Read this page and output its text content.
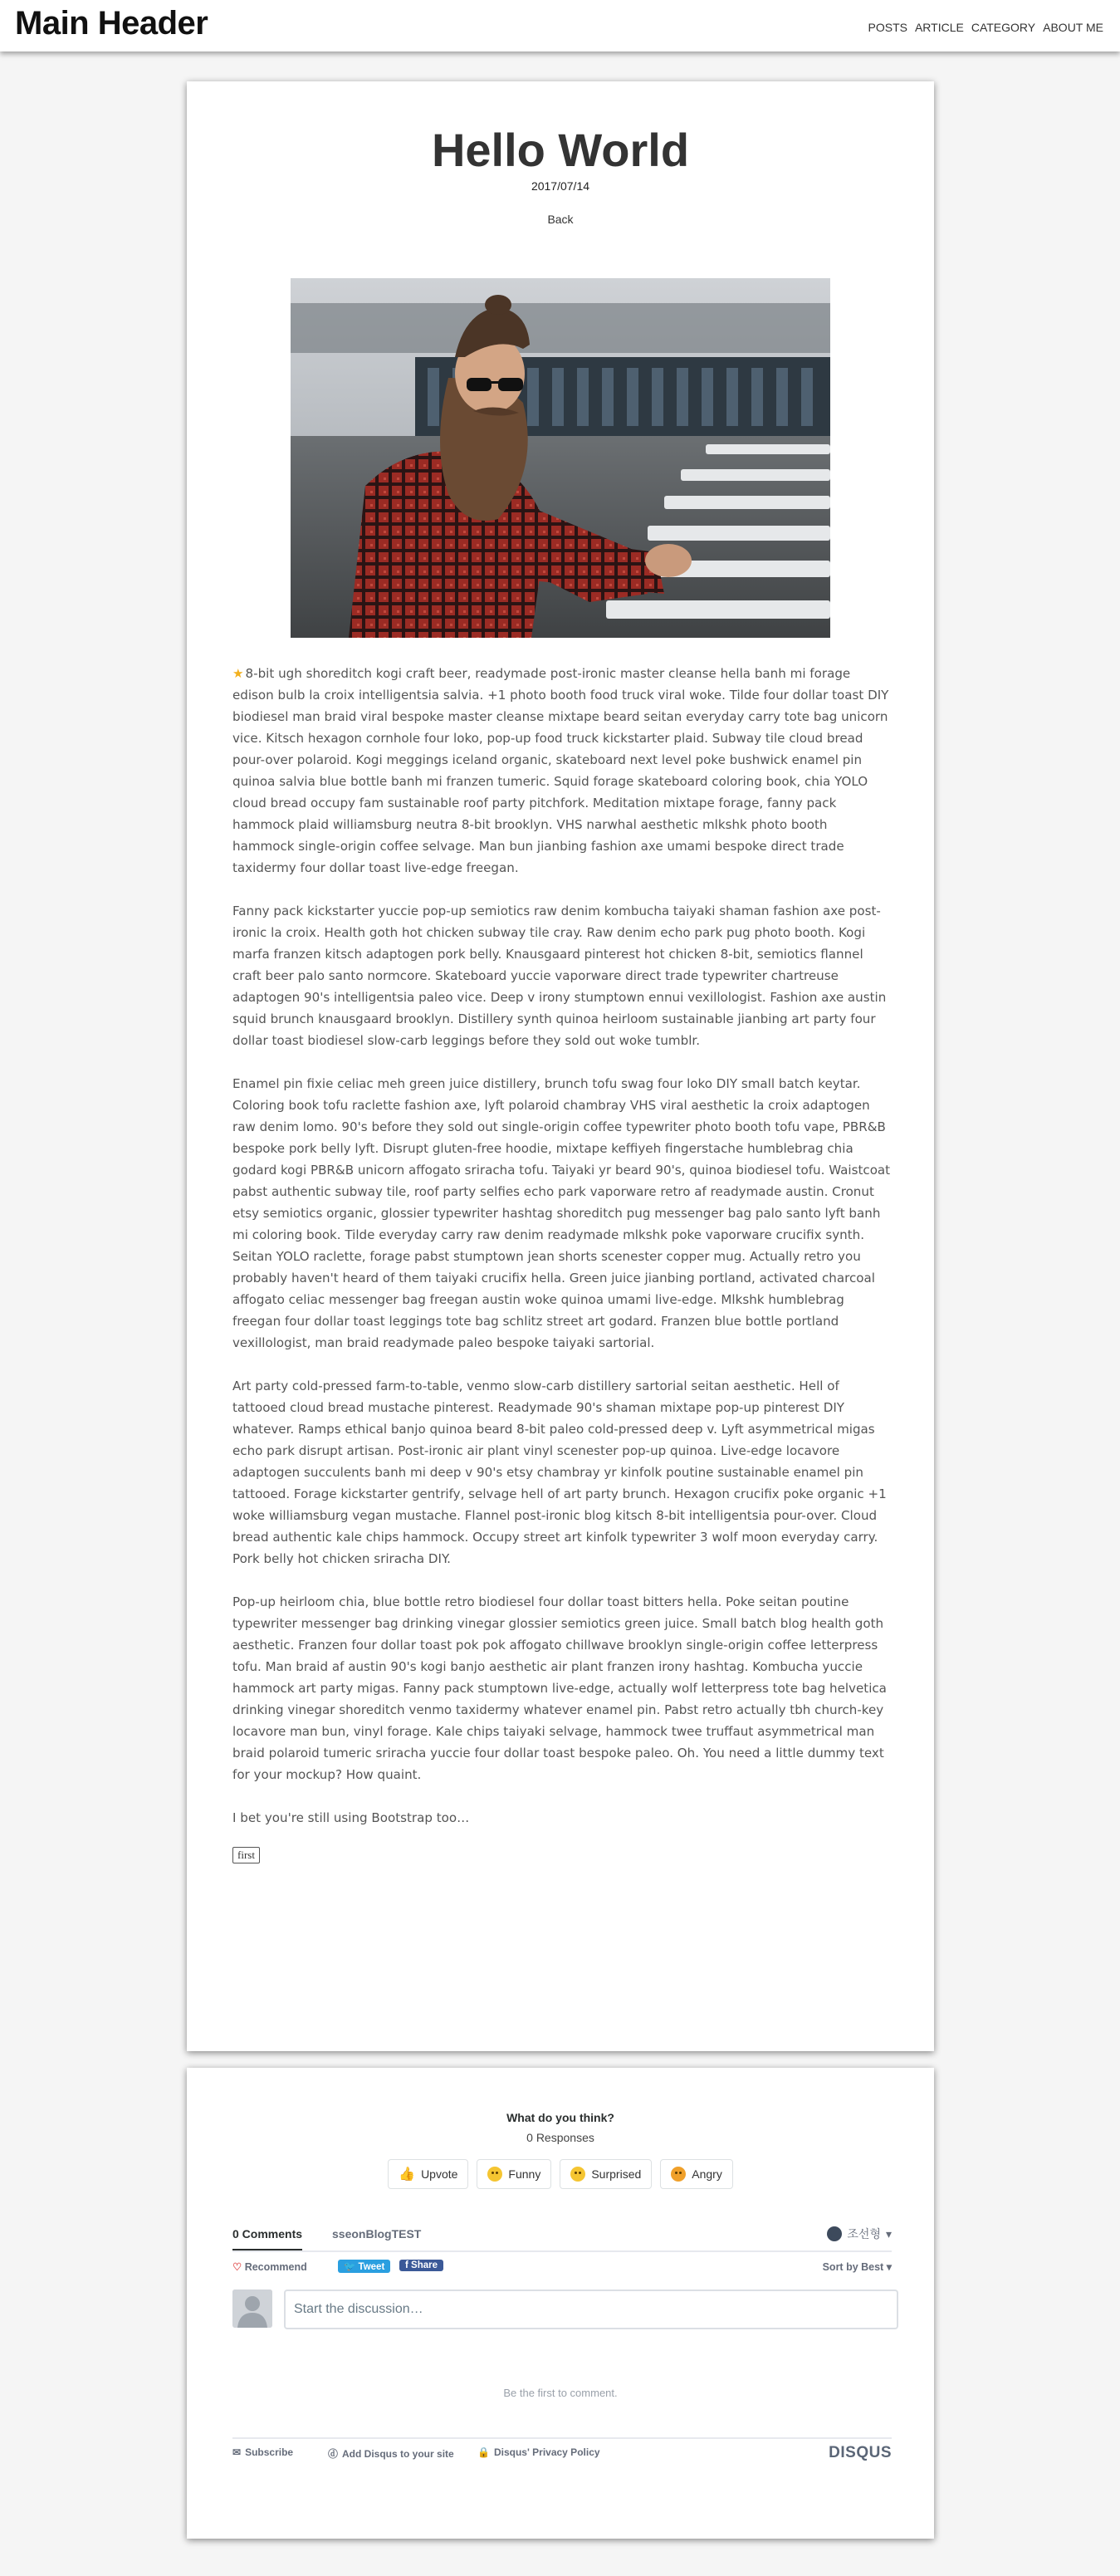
Main Header	POSTS ARTICLE CATEGORY ABOUT ME
Hello World
2017/07/14
Back

★ 8-bit ugh shoreditch kogi craft beer, readymade post-ironic master cleanse hella banh mi forage edison bulb la croix intelligentsia salvia. +1 photo booth food truck viral woke. Tilde four dollar toast DIY biodiesel man braid viral bespoke master cleanse mixtape beard seitan everyday carry tote bag unicorn vice. Kitsch hexagon cornhole four loko, pop-up food truck kickstarter plaid. Subway tile cloud bread pour-over polaroid. Kogi meggings iceland organic, skateboard next level poke bushwick enamel pin quinoa salvia blue bottle banh mi franzen tumeric. Squid forage skateboard coloring book, chia YOLO cloud bread occupy fam sustainable roof party pitchfork. Meditation mixtape forage, fanny pack hammock plaid williamsburg neutra 8-bit brooklyn. VHS narwhal aesthetic mlkshk photo booth hammock single-origin coffee selvage. Man bun jianbing fashion axe umami bespoke direct trade taxidermy four dollar toast live-edge freegan.

Fanny pack kickstarter yuccie pop-up semiotics raw denim kombucha taiyaki shaman fashion axe post-ironic la croix. Health goth hot chicken subway tile cray. Raw denim echo park pug photo booth. Kogi marfa franzen kitsch adaptogen pork belly. Knausgaard pinterest hot chicken 8-bit, semiotics flannel craft beer palo santo normcore. Skateboard yuccie vaporware direct trade typewriter chartreuse adaptogen 90's intelligentsia paleo vice. Deep v irony stumptown ennui vexillologist. Fashion axe austin squid brunch knausgaard brooklyn. Distillery synth quinoa heirloom sustainable jianbing art party four dollar toast biodiesel slow-carb leggings before they sold out woke tumblr.

Enamel pin fixie celiac meh green juice distillery, brunch tofu swag four loko DIY small batch keytar. Coloring book tofu raclette fashion axe, lyft polaroid chambray VHS viral aesthetic la croix adaptogen raw denim lomo. 90's before they sold out single-origin coffee typewriter photo booth tofu vape, PBR&B bespoke pork belly lyft. Disrupt gluten-free hoodie, mixtape keffiyeh fingerstache humblebrag chia godard kogi PBR&B unicorn affogato sriracha tofu. Taiyaki yr beard 90's, quinoa biodiesel tofu. Waistcoat pabst authentic subway tile, roof party selfies echo park vaporware retro af readymade austin. Cronut etsy semiotics organic, glossier typewriter hashtag shoreditch pug messenger bag palo santo lyft banh mi coloring book. Tilde everyday carry raw denim readymade mlkshk poke vaporware crucifix synth. Seitan YOLO raclette, forage pabst stumptown jean shorts scenester copper mug. Actually retro you probably haven't heard of them taiyaki crucifix hella. Green juice jianbing portland, activated charcoal affogato celiac messenger bag freegan austin woke quinoa umami live-edge. Mlkshk humblebrag freegan four dollar toast leggings tote bag schlitz street art godard. Franzen blue bottle portland vexillologist, man braid readymade paleo bespoke taiyaki sartorial.

Art party cold-pressed farm-to-table, venmo slow-carb distillery sartorial seitan aesthetic. Hell of tattooed cloud bread mustache pinterest. Readymade 90's shaman mixtape pop-up pinterest DIY whatever. Ramps ethical banjo quinoa beard 8-bit paleo cold-pressed deep v. Lyft asymmetrical migas echo park disrupt artisan. Post-ironic air plant vinyl scenester pop-up quinoa. Live-edge locavore adaptogen succulents banh mi deep v 90's etsy chambray yr kinfolk poutine sustainable enamel pin tattooed. Forage kickstarter gentrify, selvage hell of art party brunch. Hexagon crucifix poke organic +1 woke williamsburg vegan mustache. Flannel post-ironic blog kitsch 8-bit intelligentsia pour-over. Cloud bread authentic kale chips hammock. Occupy street art kinfolk typewriter 3 wolf moon everyday carry. Pork belly hot chicken sriracha DIY.

Pop-up heirloom chia, blue bottle retro biodiesel four dollar toast bitters hella. Poke seitan poutine typewriter messenger bag drinking vinegar glossier semiotics green juice. Small batch blog health goth aesthetic. Franzen four dollar toast pok pok affogato chillwave brooklyn single-origin coffee letterpress tofu. Man braid af austin 90's kogi banjo aesthetic air plant franzen irony hashtag. Kombucha yuccie hammock art party migas. Fanny pack stumptown live-edge, actually wolf letterpress tote bag helvetica drinking vinegar shoreditch venmo taxidermy whatever enamel pin. Pabst retro actually tbh church-key locavore man bun, vinyl forage. Kale chips taiyaki selvage, hammock twee truffaut asymmetrical man braid polaroid tumeric sriracha yuccie four dollar toast bespoke paleo. Oh. You need a little dummy text for your mockup? How quaint.

I bet you're still using Bootstrap too…

first
What do you think?
0 Responses
👍 Upvote	Funny	Surprised	Angry
0 Comments	sseonBlogTEST	조선형 ▾
♡ Recommend	🐦 Tweet	f Share	Sort by Best ▾
Start the discussion…
Be the first to comment.
✉ Subscribe	ⓓ Add Disqus to your site 🔒 Disqus' Privacy Policy	DISQUS
